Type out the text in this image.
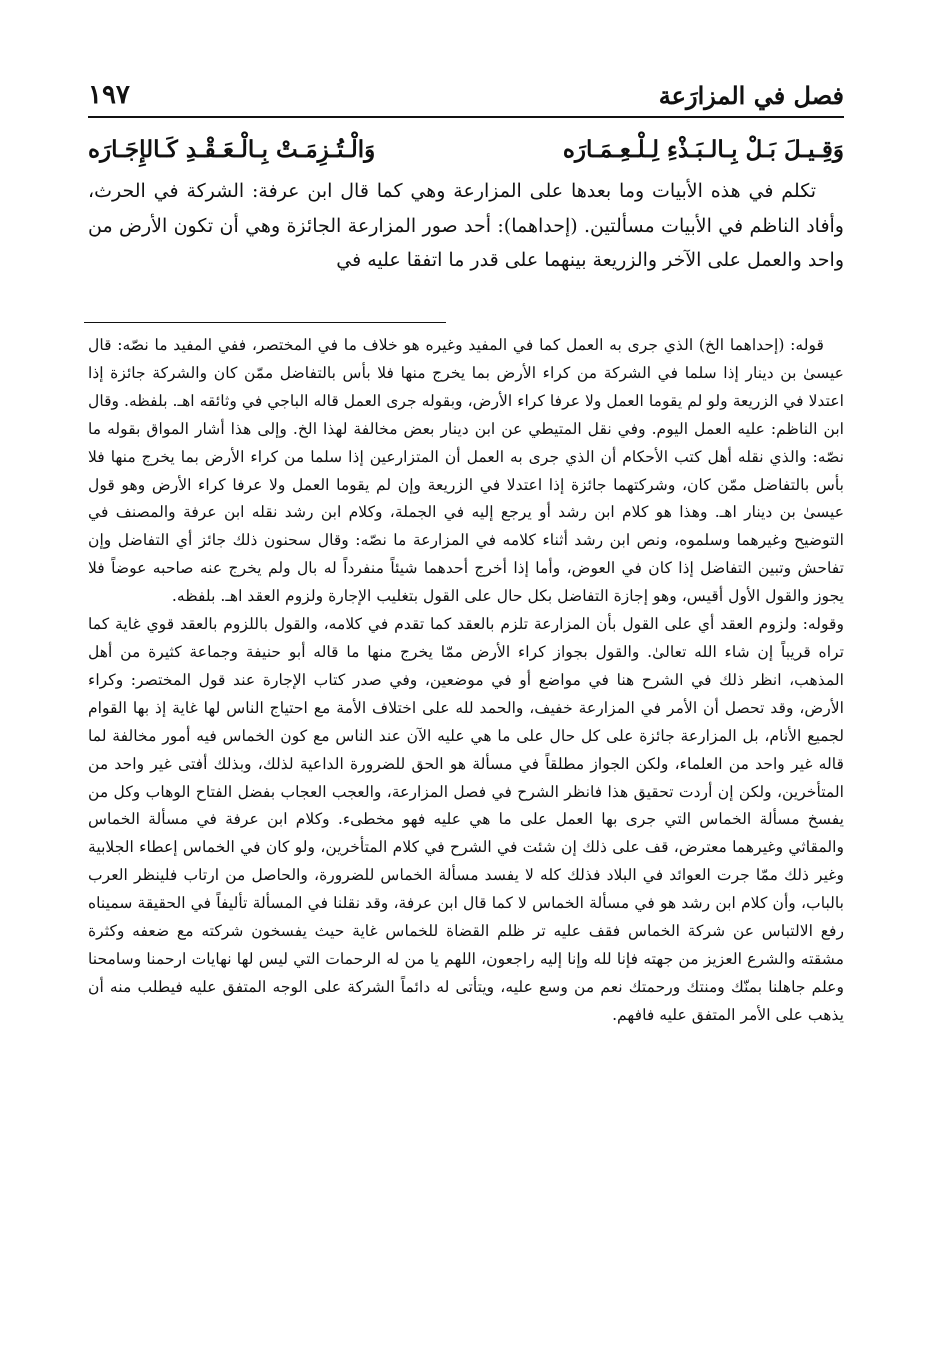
١٩٧	فصل في المزارَعة
وَقِـيـلَ بَـلْ بِـالـبَـذْءِ لِـلْـعِـمَـارَه
وَالْـتُـزِمَـتْ بِـالْـعَـقْـدِ كَـالإِجَـارَه

تكلم في هذه الأبيات وما بعدها على المزارعة وهي كما قال ابن عرفة: الشركة في الحرث، وأفاد الناظم في الأبيات مسألتين. (إحداهما): أحد صور المزارعة الجائزة وهي أن تكون الأرض من واحد والعمل على الآخر والزريعة بينهما على قدر ما اتفقا عليه في

قوله: (إحداهما الخ) الذي جرى به العمل كما في المفيد وغيره هو خلاف ما في المختصر، ففي المفيد ما نصّه: قال عيسىٰ بن دينار إذا سلما في الشركة من كراء الأرض بما يخرج منها فلا بأس بالتفاضل ممّن كان والشركة جائزة إذا اعتدلا في الزريعة ولو لم يقوما العمل ولا عرفا كراء الأرض، وبقوله جرى العمل قاله الباجي في وثائقه اهـ. بلفظه. وقال ابن الناظم: عليه العمل اليوم. وفي نقل المتيطي عن ابن دينار بعض مخالفة لهذا الخ. وإلى هذا أشار المواق بقوله ما نصّه: والذي نقله أهل كتب الأحكام أن الذي جرى به العمل أن المتزارعين إذا سلما من كراء الأرض بما يخرج منها فلا بأس بالتفاضل ممّن كان، وشركتهما جائزة إذا اعتدلا في الزريعة وإن لم يقوما العمل ولا عرفا كراء الأرض وهو قول عيسىٰ بن دينار اهـ. وهذا هو كلام ابن رشد أو يرجع إليه في الجملة، وكلام ابن رشد نقله ابن عرفة والمصنف في التوضيح وغيرهما وسلموه، ونص ابن رشد أثناء كلامه في المزارعة ما نصّه: وقال سحنون ذلك جائز أي التفاضل وإن تفاحش وتبين التفاضل إذا كان في العوض، وأما إذا أخرج أحدهما شيئاً منفرداً له بال ولم يخرج عنه صاحبه عوضاً فلا يجوز والقول الأول أقيس، وهو إجازة التفاضل بكل حال على القول بتغليب الإجارة ولزوم العقد اهـ. بلفظه.

وقوله: ولزوم العقد أي على القول بأن المزارعة تلزم بالعقد كما تقدم في كلامه، والقول باللزوم بالعقد قوي غاية كما تراه قريباً إن شاء الله تعالىٰ. والقول بجواز كراء الأرض ممّا يخرج منها ما قاله أبو حنيفة وجماعة كثيرة من أهل المذهب، انظر ذلك في الشرح هنا في مواضع أو في موضعين، وفي صدر كتاب الإجارة عند قول المختصر: وكراء الأرض، وقد تحصل أن الأمر في المزارعة خفيف، والحمد لله على اختلاف الأمة مع احتياج الناس لها غاية إذ بها القوام لجميع الأنام، بل المزارعة جائزة على كل حال على ما هي عليه الآن عند الناس مع كون الخماس فيه أمور مخالفة لما قاله غير واحد من العلماء، ولكن الجواز مطلقاً في مسألة هو الحق للضرورة الداعية لذلك، وبذلك أفتى غير واحد من المتأخرين، ولكن إن أردت تحقيق هذا فانظر الشرح في فصل المزارعة، والعجب العجاب بفضل الفتاح الوهاب وكل من يفسخ مسألة الخماس التي جرى بها العمل على ما هي عليه فهو مخطىء. وكلام ابن عرفة في مسألة الخماس والمقاثي وغيرهما معترض، قف على ذلك إن شئت في الشرح في كلام المتأخرين، ولو كان في الخماس إعطاء الجلابية وغير ذلك ممّا جرت العوائد في البلاد فذلك كله لا يفسد مسألة الخماس للضرورة، والحاصل من ارتاب فلينظر العرب بالباب، وأن كلام ابن رشد هو في مسألة الخماس لا كما قال ابن عرفة، وقد نقلنا في المسألة تأليفاً في الحقيقة سميناه رفع الالتباس عن شركة الخماس فقف عليه تر ظلم القضاة للخماس غاية حيث يفسخون شركته مع ضعفه وكثرة مشقته والشرع العزيز من جهته فإنا لله وإنا إليه راجعون، اللهم يا من له الرحمات التي ليس لها نهايات ارحمنا وسامحنا وعلم جاهلنا بمنّك ومنتك ورحمتك نعم من وسع عليه، ويتأتى له دائماً الشركة على الوجه المتفق عليه فيطلب منه أن يذهب على الأمر المتفق عليه فافهم.
